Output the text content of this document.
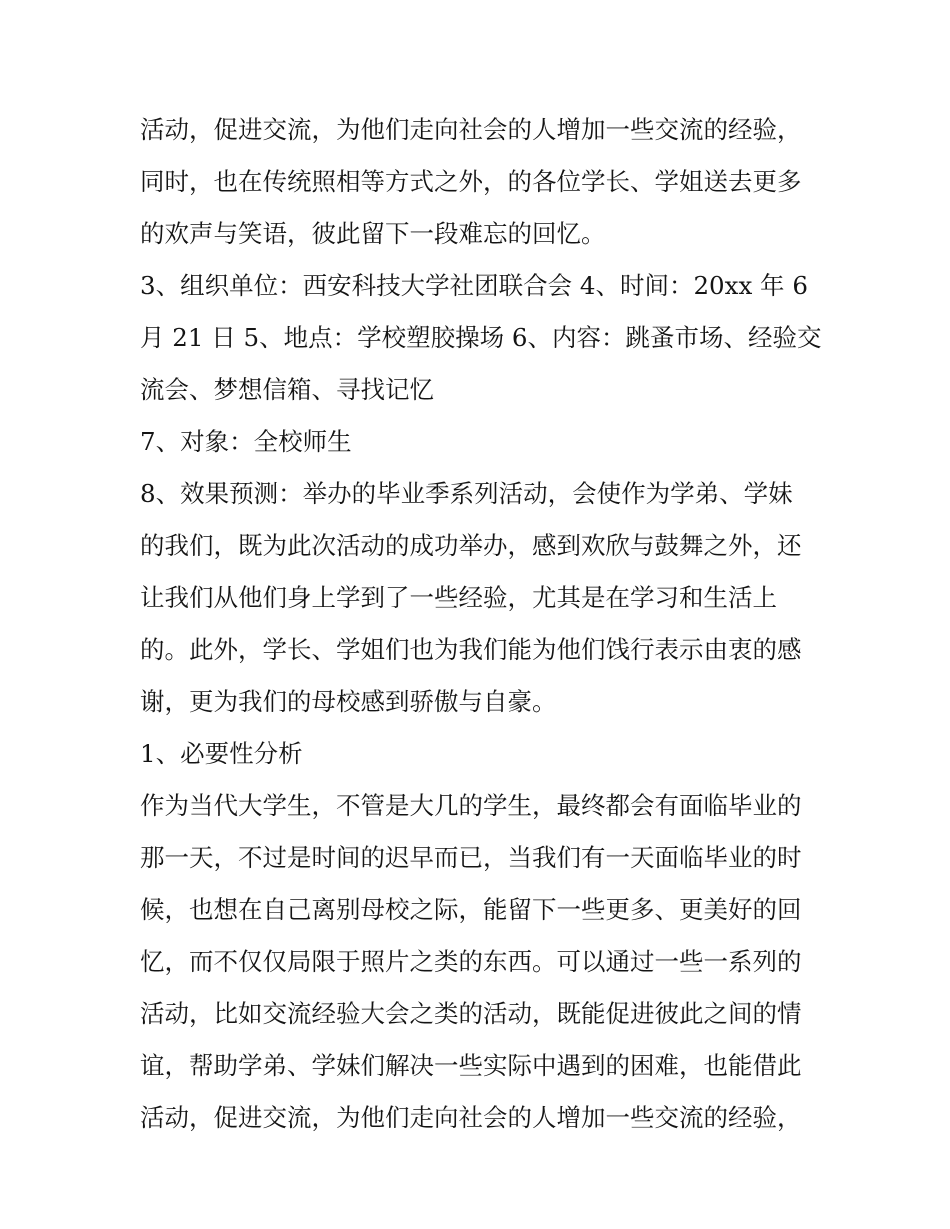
活动，促进交流，为他们走向社会的人增加一些交流的经验，
同时，也在传统照相等方式之外，的各位学长、学姐送去更多
的欢声与笑语，彼此留下一段难忘的回忆。
3、组织单位：西安科技大学社团联合会 4、时间：20xx 年 6
月 21 日 5、地点：学校塑胶操场 6、内容：跳蚤市场、经验交
流会、梦想信箱、寻找记忆
7、对象：全校师生
8、效果预测：举办的毕业季系列活动，会使作为学弟、学妹
的我们，既为此次活动的成功举办，感到欢欣与鼓舞之外，还
让我们从他们身上学到了一些经验，尤其是在学习和生活上
的。此外，学长、学姐们也为我们能为他们饯行表示由衷的感
谢，更为我们的母校感到骄傲与自豪。
1、必要性分析
作为当代大学生，不管是大几的学生，最终都会有面临毕业的
那一天，不过是时间的迟早而已，当我们有一天面临毕业的时
候，也想在自己离别母校之际，能留下一些更多、更美好的回
忆，而不仅仅局限于照片之类的东西。可以通过一些一系列的
活动，比如交流经验大会之类的活动，既能促进彼此之间的情
谊，帮助学弟、学妹们解决一些实际中遇到的困难，也能借此
活动，促进交流，为他们走向社会的人增加一些交流的经验，
